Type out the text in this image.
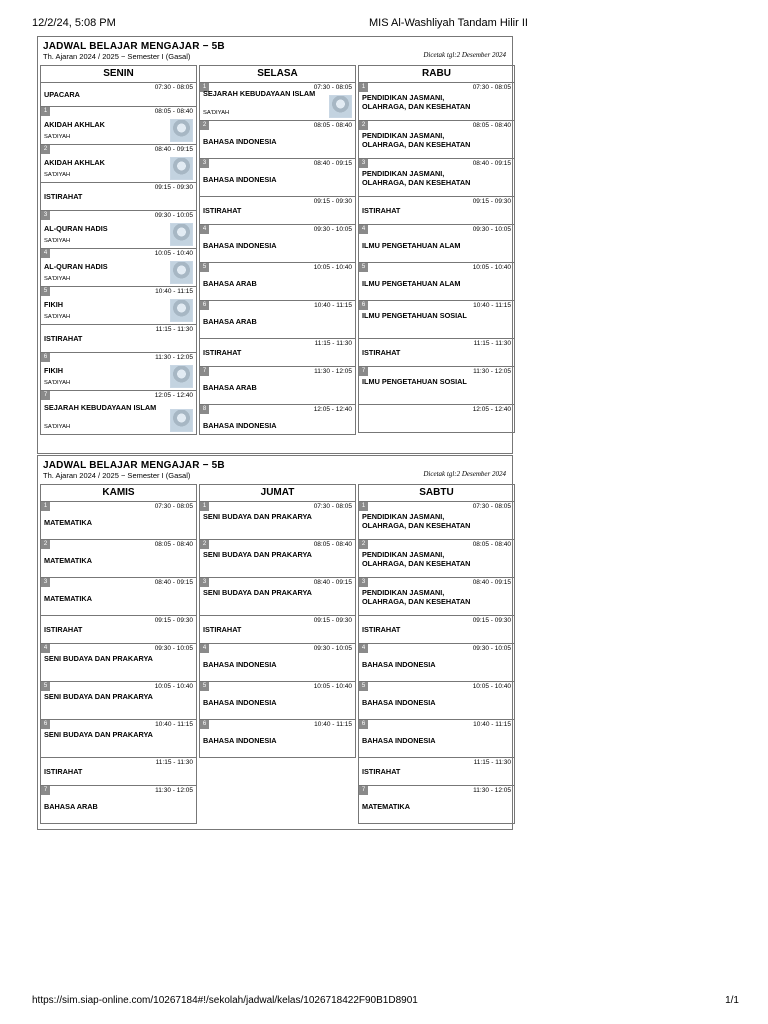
12/2/24, 5:08 PM	MIS Al-Washliyah Tandam Hilir II
JADWAL BELAJAR MENGAJAR − 5B
Th. Ajaran 2024 / 2025 − Semester I (Gasal)	Dicetak tgl:2 Desember 2024
SENIN
07:30 - 08:05
UPACARA
1	08:05 - 08:40
AKIDAH AKHLAK
SA'DIYAH
2	08:40 - 09:15
AKIDAH AKHLAK
SA'DIYAH
09:15 - 09:30
ISTIRAHAT
3	09:30 - 10:05
AL-QURAN HADIS
SA'DIYAH
4	10:05 - 10:40
AL-QURAN HADIS
SA'DIYAH
5	10:40 - 11:15
FIKIH
SA'DIYAH
11:15 - 11:30
ISTIRAHAT
6	11:30 - 12:05
FIKIH
SA'DIYAH
7	12:05 - 12:40
SEJARAH KEBUDAYAAN ISLAM
SA'DIYAH
SELASA
1	07:30 - 08:05
SEJARAH KEBUDAYAAN ISLAM
SA'DIYAH
2	08:05 - 08:40
BAHASA INDONESIA
3	08:40 - 09:15
BAHASA INDONESIA
09:15 - 09:30
ISTIRAHAT
4	09:30 - 10:05
BAHASA INDONESIA
5	10:05 - 10:40
BAHASA ARAB
6	10:40 - 11:15
BAHASA ARAB
11:15 - 11:30
ISTIRAHAT
7	11:30 - 12:05
BAHASA ARAB
8	12:05 - 12:40
BAHASA INDONESIA
RABU
1	07:30 - 08:05
PENDIDIKAN JASMANI, OLAHRAGA, DAN KESEHATAN
2	08:05 - 08:40
PENDIDIKAN JASMANI, OLAHRAGA, DAN KESEHATAN
3	08:40 - 09:15
PENDIDIKAN JASMANI, OLAHRAGA, DAN KESEHATAN
09:15 - 09:30
ISTIRAHAT
4	09:30 - 10:05
ILMU PENGETAHUAN ALAM
5	10:05 - 10:40
ILMU PENGETAHUAN ALAM
6	10:40 - 11:15
ILMU PENGETAHUAN SOSIAL
11:15 - 11:30
ISTIRAHAT
7	11:30 - 12:05
ILMU PENGETAHUAN SOSIAL
12:05 - 12:40
JADWAL BELAJAR MENGAJAR − 5B
Th. Ajaran 2024 / 2025 − Semester I (Gasal)	Dicetak tgl:2 Desember 2024
KAMIS
1	07:30 - 08:05
MATEMATIKA
2	08:05 - 08:40
MATEMATIKA
3	08:40 - 09:15
MATEMATIKA
09:15 - 09:30
ISTIRAHAT
4	09:30 - 10:05
SENI BUDAYA DAN PRAKARYA
5	10:05 - 10:40
SENI BUDAYA DAN PRAKARYA
6	10:40 - 11:15
SENI BUDAYA DAN PRAKARYA
11:15 - 11:30
ISTIRAHAT
7	11:30 - 12:05
BAHASA ARAB
JUMAT
1	07:30 - 08:05
SENI BUDAYA DAN PRAKARYA
2	08:05 - 08:40
SENI BUDAYA DAN PRAKARYA
3	08:40 - 09:15
SENI BUDAYA DAN PRAKARYA
09:15 - 09:30
ISTIRAHAT
4	09:30 - 10:05
BAHASA INDONESIA
5	10:05 - 10:40
BAHASA INDONESIA
6	10:40 - 11:15
BAHASA INDONESIA
SABTU
1	07:30 - 08:05
PENDIDIKAN JASMANI, OLAHRAGA, DAN KESEHATAN
2	08:05 - 08:40
PENDIDIKAN JASMANI, OLAHRAGA, DAN KESEHATAN
3	08:40 - 09:15
PENDIDIKAN JASMANI, OLAHRAGA, DAN KESEHATAN
09:15 - 09:30
ISTIRAHAT
4	09:30 - 10:05
BAHASA INDONESIA
5	10:05 - 10:40
BAHASA INDONESIA
6	10:40 - 11:15
BAHASA INDONESIA
11:15 - 11:30
ISTIRAHAT
7	11:30 - 12:05
MATEMATIKA
https://sim.siap-online.com/10267184#!/sekolah/jadwal/kelas/1026718422F90B1D8901	1/1
